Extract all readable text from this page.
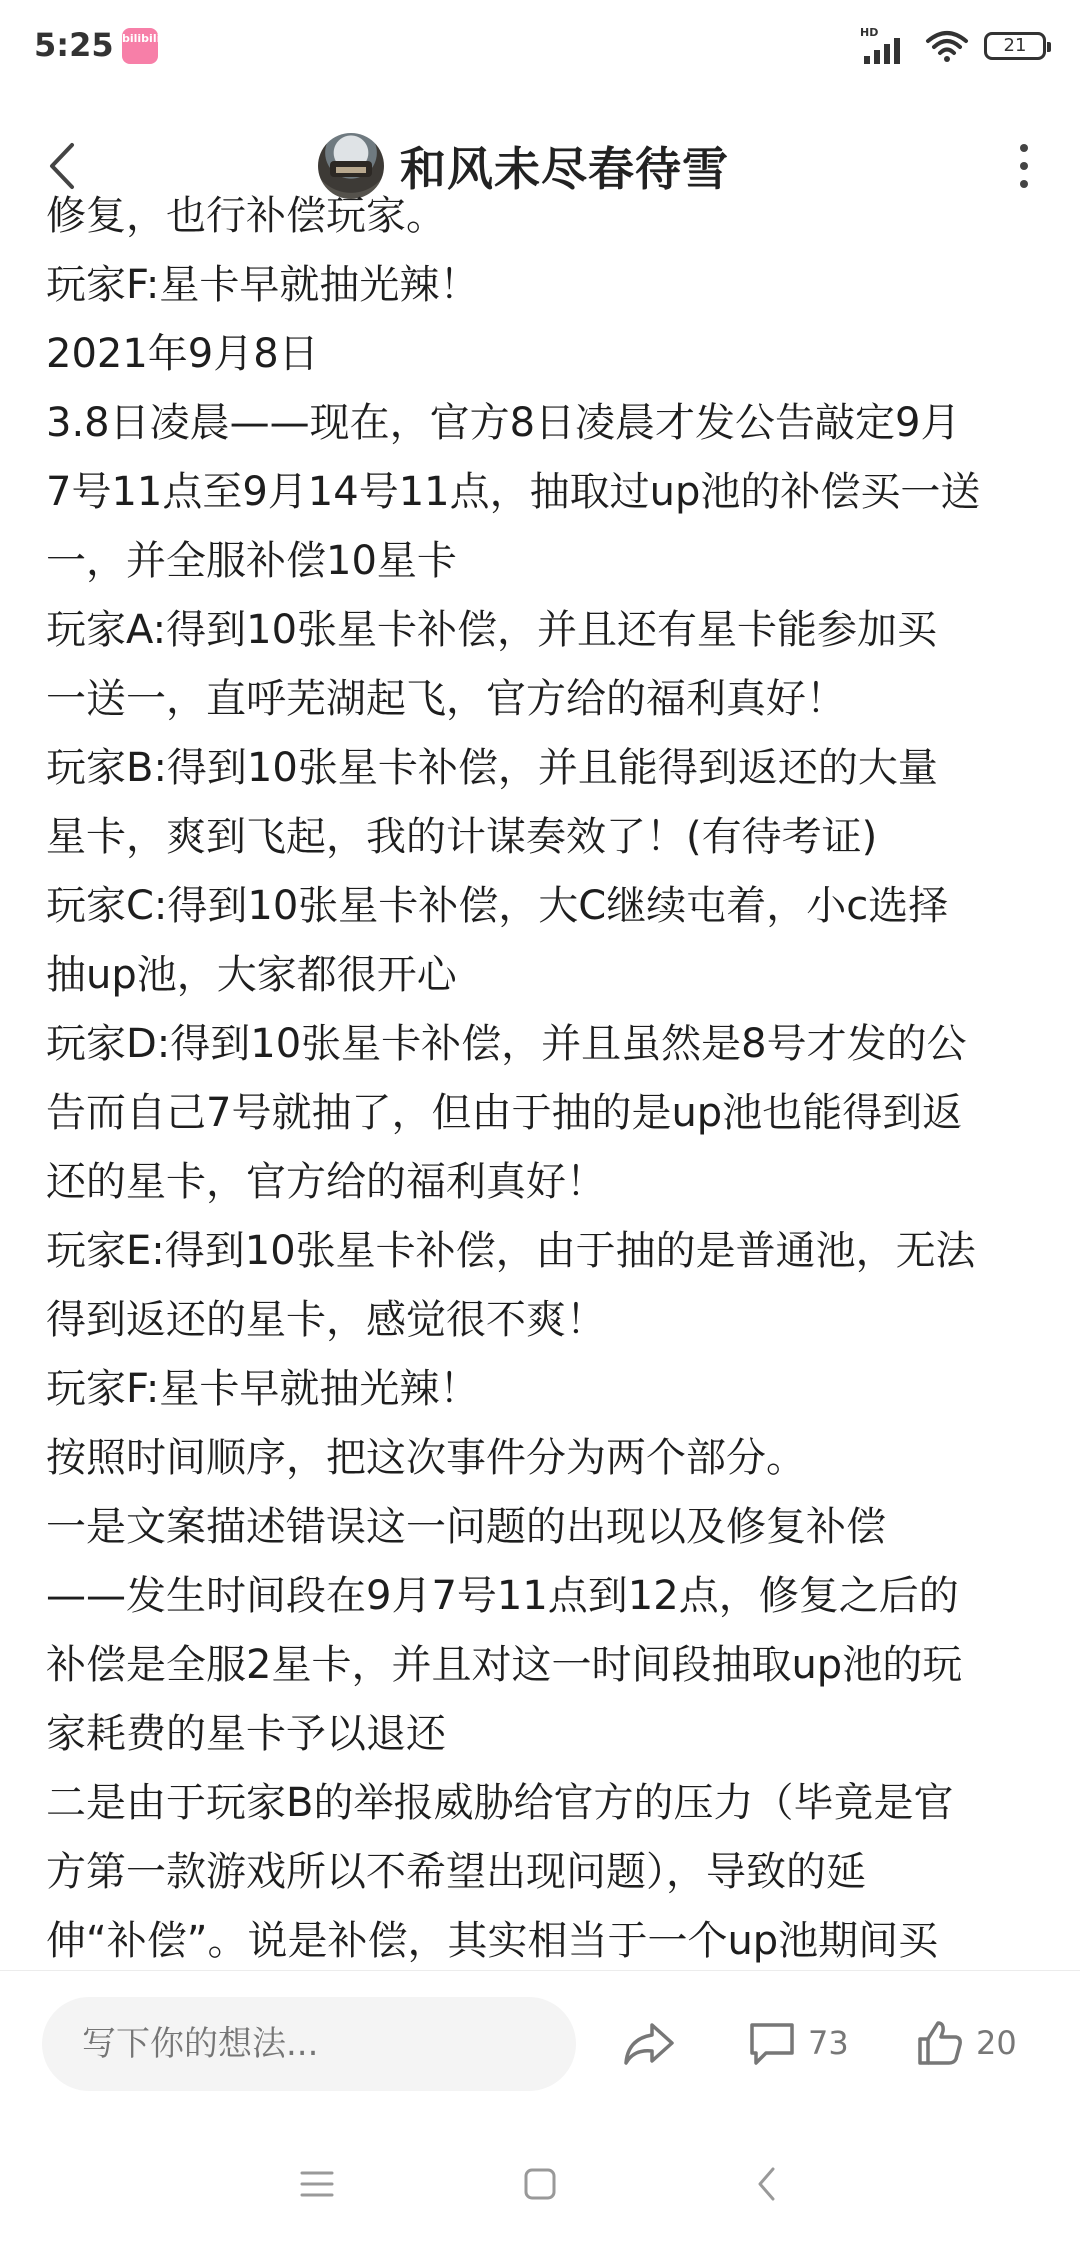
5:25 bilibili	HD
21
和风未尽春待雪
修复，也行补偿玩家。
玩家F:星卡早就抽光辣！
2021年9月8日
3.8日凌晨——现在，官方8日凌晨才发公告敲定9月
7号11点至9月14号11点，抽取过up池的补偿买一送
一，并全服补偿10星卡
玩家A:得到10张星卡补偿，并且还有星卡能参加买
一送一，直呼芜湖起飞，官方给的福利真好！
玩家B:得到10张星卡补偿，并且能得到返还的大量
星卡，爽到飞起，我的计谋奏效了！(有待考证)
玩家C:得到10张星卡补偿，大C继续屯着，小c选择
抽up池，大家都很开心
玩家D:得到10张星卡补偿，并且虽然是8号才发的公
告而自己7号就抽了，但由于抽的是up池也能得到返
还的星卡，官方给的福利真好！
玩家E:得到10张星卡补偿，由于抽的是普通池，无法
得到返还的星卡，感觉很不爽！
玩家F:星卡早就抽光辣！
按照时间顺序，把这次事件分为两个部分。
一是文案描述错误这一问题的出现以及修复补偿
——发生时间段在9月7号11点到12点，修复之后的
补偿是全服2星卡，并且对这一时间段抽取up池的玩
家耗费的星卡予以退还
二是由于玩家B的举报威胁给官方的压力（毕竟是官
方第一款游戏所以不希望出现问题），导致的延
伸“补偿”。说是补偿，其实相当于一个up池期间买
写下你的想法...
73	20
